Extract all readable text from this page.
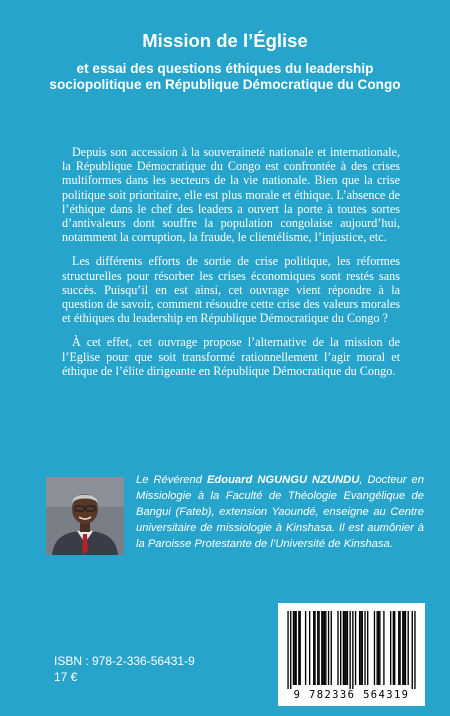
Mission de l’Église
et essai des questions éthiques du leadership sociopolitique en République Démocratique du Congo

Depuis son accession à la souveraineté nationale et internationale, la République Démocratique du Congo est confrontée à des crises multiformes dans les secteurs de la vie nationale. Bien que la crise politique soit prioritaire, elle est plus morale et éthique. L’absence de l’éthique dans le chef des leaders a ouvert la porte à toutes sortes d’antivaleurs dont souffre la population congolaise aujourd’hui, notamment la corruption, la fraude, le clientélisme, l’injustice, etc.

Les différents efforts de sortie de crise politique, les réformes structurelles pour résorber les crises économiques sont restés sans succès. Puisqu’il en est ainsi, cet ouvrage vient répondre à la question de savoir, comment résoudre cette crise des valeurs morales et éthiques du leadership en République Démocratique du Congo ?

À cet effet, cet ouvrage propose l’alternative de la mission de l’Eglise pour que soit transformé rationnellement l’agir moral et éthique de l’élite dirigeante en République Démocratique du Congo.

Le Révérend Edouard NGUNGU NZUNDU, Docteur en Missiologie à la Faculté de Théologie Evangélique de Bangui (Fateb), extension Yaoundé, enseigne au Centre universitaire de missiologie à Kinshasa. Il est aumônier à la Paroisse Protestante de l’Université de Kinshasa.
ISBN : 978-2-336-56431-9
17 €
9 782336 564319
